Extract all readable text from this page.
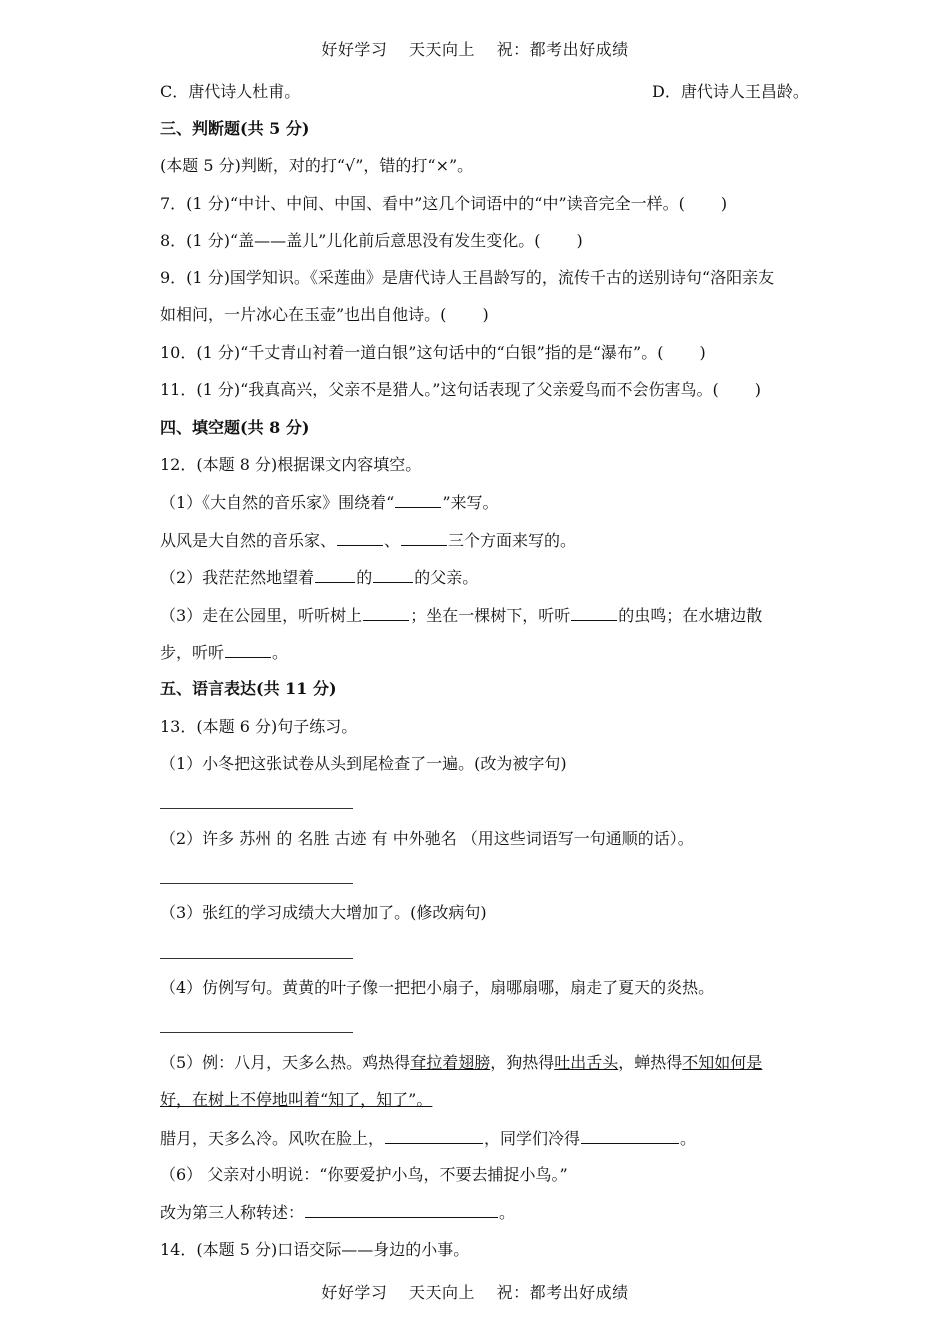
好好学习 天天向上 祝：都考出好成绩
C．唐代诗人杜甫。	D．唐代诗人王昌龄。
三、判断题(共 5 分)
(本题 5 分)判断，对的打“√”，错的打“×”。
7．(1 分)“中计、中间、中国、看中”这几个词语中的“中”读音完全一样。( )
8．(1 分)“盖——盖儿”儿化前后意思没有发生变化。( )
9．(1 分)国学知识。《采莲曲》是唐代诗人王昌龄写的，流传千古的送别诗句“洛阳亲友
如相问，一片冰心在玉壶”也出自他诗。( )
10．(1 分)“千丈青山衬着一道白银”这句话中的“白银”指的是“瀑布”。( )
11．(1 分)“我真高兴，父亲不是猎人。”这句话表现了父亲爱鸟而不会伤害鸟。( )
四、填空题(共 8 分)
12．(本题 8 分)根据课文内容填空。
（1）《大自然的音乐家》围绕着“	”来写。
从风是大自然的音乐家、	、	三个方面来写的。
（2）我茫茫然地望着	的	的父亲。
（3）走在公园里，听听树上	；坐在一棵树下，听听	的虫鸣；在水塘边散
步，听听	。
五、语言表达(共 11 分)
13．(本题 6 分)句子练习。
（1）小冬把这张试卷从头到尾检查了一遍。(改为被字句)
（2）许多 苏州 的 名胜 古迹 有 中外驰名 （用这些词语写一句通顺的话）。
（3）张红的学习成绩大大增加了。(修改病句)
（4）仿例写句。黄黄的叶子像一把把小扇子，扇哪扇哪，扇走了夏天的炎热。
（5）例：八月，天多么热。鸡热得耷拉着翅膀，狗热得吐出舌头，蝉热得不知如何是
好，在树上不停地叫着“知了，知了”。
腊月，天多么冷。风吹在脸上，	，同学们冷得	。
（6） 父亲对小明说：“你要爱护小鸟，不要去捕捉小鸟。”
改为第三人称转述：	。
14．(本题 5 分)口语交际——身边的小事。
好好学习 天天向上 祝：都考出好成绩
